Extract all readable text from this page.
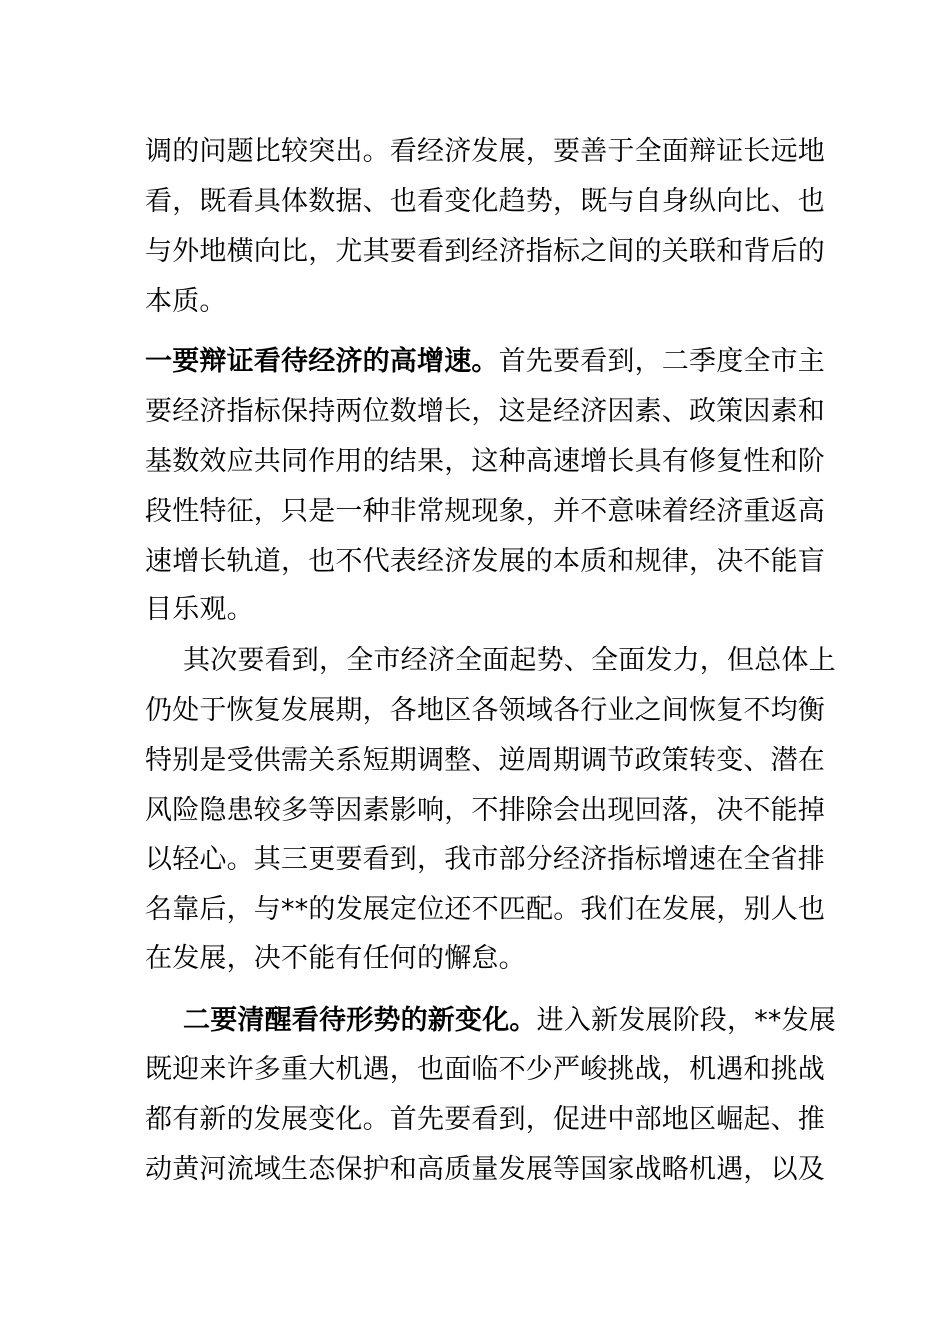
调的问题比较突出。看经济发展，要善于全面辩证长远地
看，既看具体数据、也看变化趋势，既与自身纵向比、也
与外地横向比，尤其要看到经济指标之间的关联和背后的
本质。
一要辩证看待经济的高增速。首先要看到，二季度全市主
要经济指标保持两位数增长，这是经济因素、政策因素和
基数效应共同作用的结果，这种高速增长具有修复性和阶
段性特征，只是一种非常规现象，并不意味着经济重返高
速增长轨道，也不代表经济发展的本质和规律，决不能盲
目乐观。
其次要看到，全市经济全面起势、全面发力，但总体上
仍处于恢复发展期，各地区各领域各行业之间恢复不均衡
特别是受供需关系短期调整、逆周期调节政策转变、潜在
风险隐患较多等因素影响，不排除会出现回落，决不能掉
以轻心。其三更要看到，我市部分经济指标增速在全省排
名靠后，与**的发展定位还不匹配。我们在发展，别人也
在发展，决不能有任何的懈怠。
二要清醒看待形势的新变化。进入新发展阶段，**发展
既迎来许多重大机遇，也面临不少严峻挑战，机遇和挑战
都有新的发展变化。首先要看到，促进中部地区崛起、推
动黄河流域生态保护和高质量发展等国家战略机遇，以及
